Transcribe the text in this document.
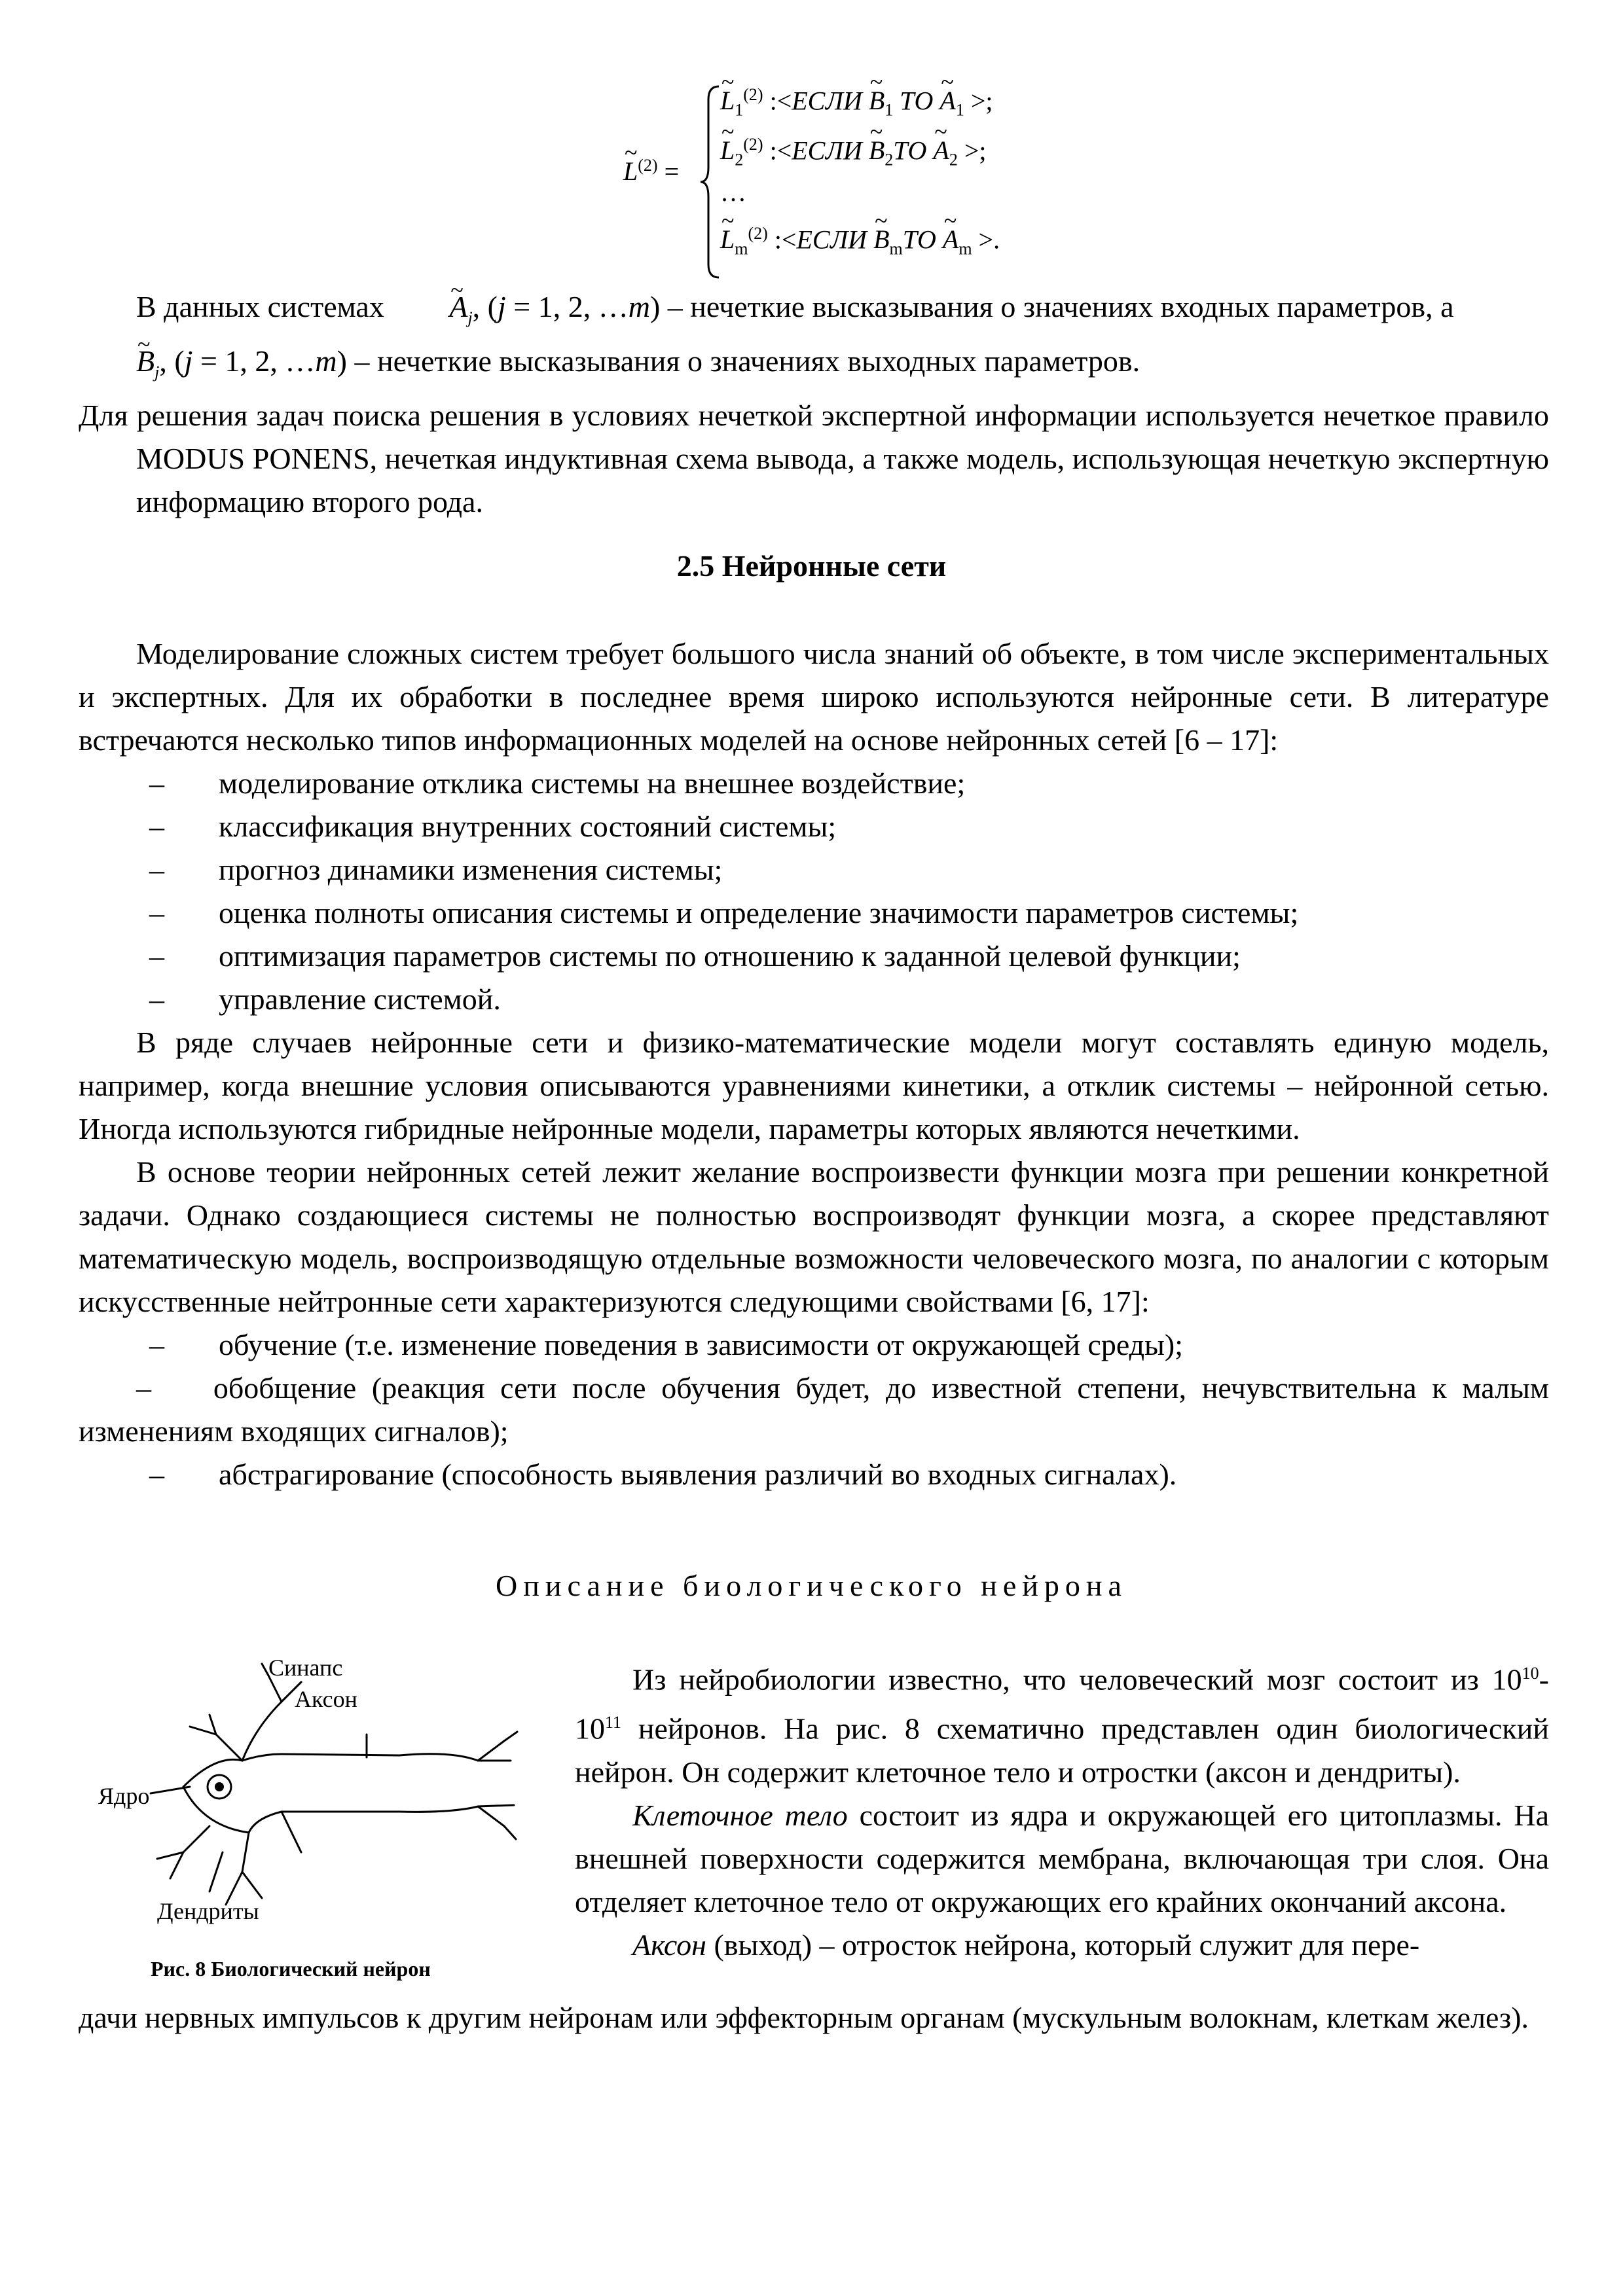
~ $L^{(2)}$ =
~ $L_1^{(2)}$ :<ЕСЛИ ~ $B_1$ ТО ~ $A_1$ >;
~ $L_2^{(2)}$ :<ЕСЛИ ~ $B_2ТО$ ~ $A_2$ >;
…
~ $L_m^{(2)}$ :<ЕСЛИ ~ $B_mТО$ ~ $A_m$ >.

В данных системах ~ $A_j$, (j = 1, 2, …m) – нечеткие высказывания о значениях входных параметров, а
~ $B_j$, (j = 1, 2, …m) – нечеткие высказывания о значениях выходных параметров.

Для решения задач поиска решения в условиях нечеткой экспертной информации используется нечеткое правило MODUS PONENS, нечеткая индуктивная схема вывода, а также модель, использующая нечеткую экспертную информацию второго рода.

2.5 Нейронные сети

Моделирование сложных систем требует большого числа знаний об объекте, в том числе экспериментальных и экспертных. Для их обработки в последнее время широко используются нейронные сети. В литературе встречаются несколько типов информационных моделей на основе нейронных сетей [6 – 17]:

– моделирование отклика системы на внешнее воздействие;
– классификация внутренних состояний системы;
– прогноз динамики изменения системы;
– оценка полноты описания системы и определение значимости параметров системы;
– оптимизация параметров системы по отношению к заданной целевой функции;
– управление системой.

В ряде случаев нейронные сети и физико-математические модели могут составлять единую модель, например, когда внешние условия описываются уравнениями кинетики, а отклик системы – нейронной сетью. Иногда используются гибридные нейронные модели, параметры которых являются нечеткими.

В основе теории нейронных сетей лежит желание воспроизвести функции мозга при решении конкретной задачи. Однако создающиеся системы не полностью воспроизводят функции мозга, а скорее представляют математическую модель, воспроизводящую отдельные возможности человеческого мозга, по аналогии с которым искусственные нейтронные сети характеризуются следующими свойствами [6, 17]:

– обучение (т.е. изменение поведения в зависимости от окружающей среды);

– обобщение (реакция сети после обучения будет, до известной степени, нечувствительна к малым изменениям входящих сигналов);

– абстрагирование (способность выявления различий во входных сигналах).
Описание биологического нейрона
Синапс
Аксон
Ядро
Дендриты
Рис. 8 Биологический нейрон

Из нейробиологии известно, что человеческий мозг состоит из $10^{10}-10^{11}$ нейронов. На рис. 8 схематично представлен один биологический нейрон. Он содержит клеточное тело и отростки (аксон и дендриты).

Клеточное тело состоит из ядра и окружающей его цитоплазмы. На внешней поверхности содержится мембрана, включающая три слоя. Она отделяет клеточное тело от окружающих его крайних окончаний аксона.

Аксон (выход) – отросток нейрона, который служит для пере-

дачи нервных импульсов к другим нейронам или эффекторным органам (мускульным волокнам, клеткам желез).
